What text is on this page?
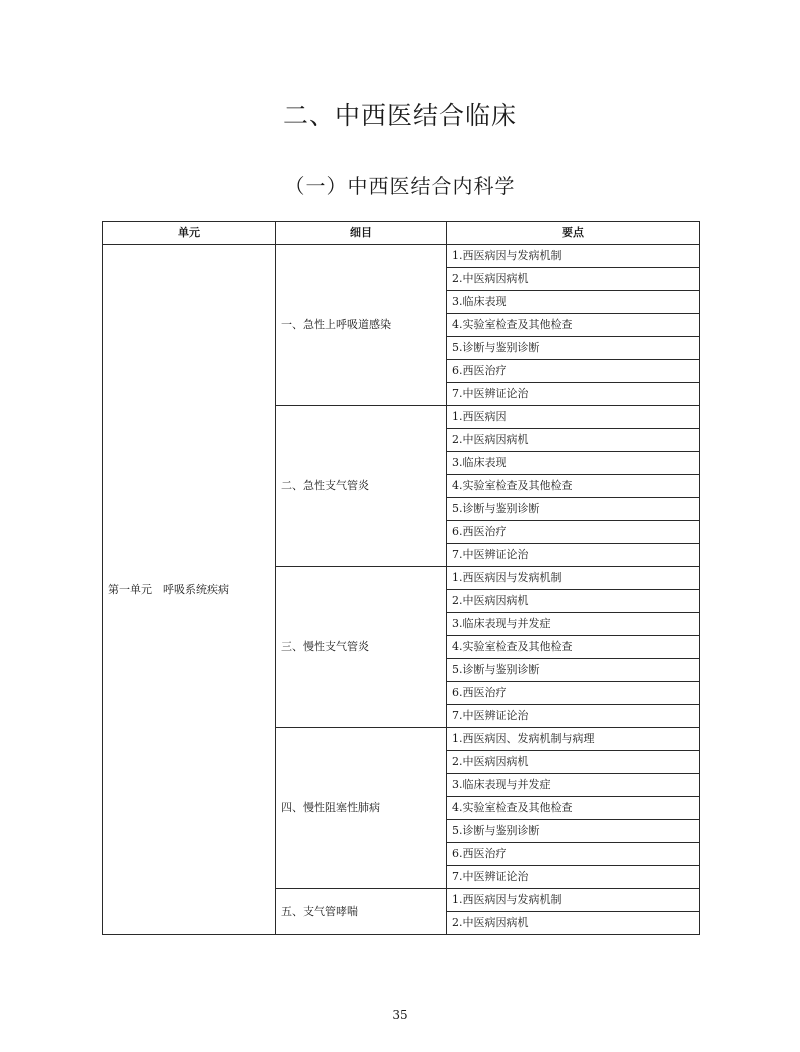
二、中西医结合临床
（一）中西医结合内科学
单元	细目	要点
第一单元　呼吸系统疾病	一、急性上呼吸道感染	1.西医病因与发病机制
		2.中医病因病机
		3.临床表现
		4.实验室检查及其他检查
		5.诊断与鉴别诊断
		6.西医治疗
		7.中医辨证论治
	二、急性支气管炎	1.西医病因
		2.中医病因病机
		3.临床表现
		4.实验室检查及其他检查
		5.诊断与鉴别诊断
		6.西医治疗
		7.中医辨证论治
	三、慢性支气管炎	1.西医病因与发病机制
		2.中医病因病机
		3.临床表现与并发症
		4.实验室检查及其他检查
		5.诊断与鉴别诊断
		6.西医治疗
		7.中医辨证论治
	四、慢性阻塞性肺病	1.西医病因、发病机制与病理
		2.中医病因病机
		3.临床表现与并发症
		4.实验室检查及其他检查
		5.诊断与鉴别诊断
		6.西医治疗
		7.中医辨证论治
	五、支气管哮喘	1.西医病因与发病机制
		2.中医病因病机
35
